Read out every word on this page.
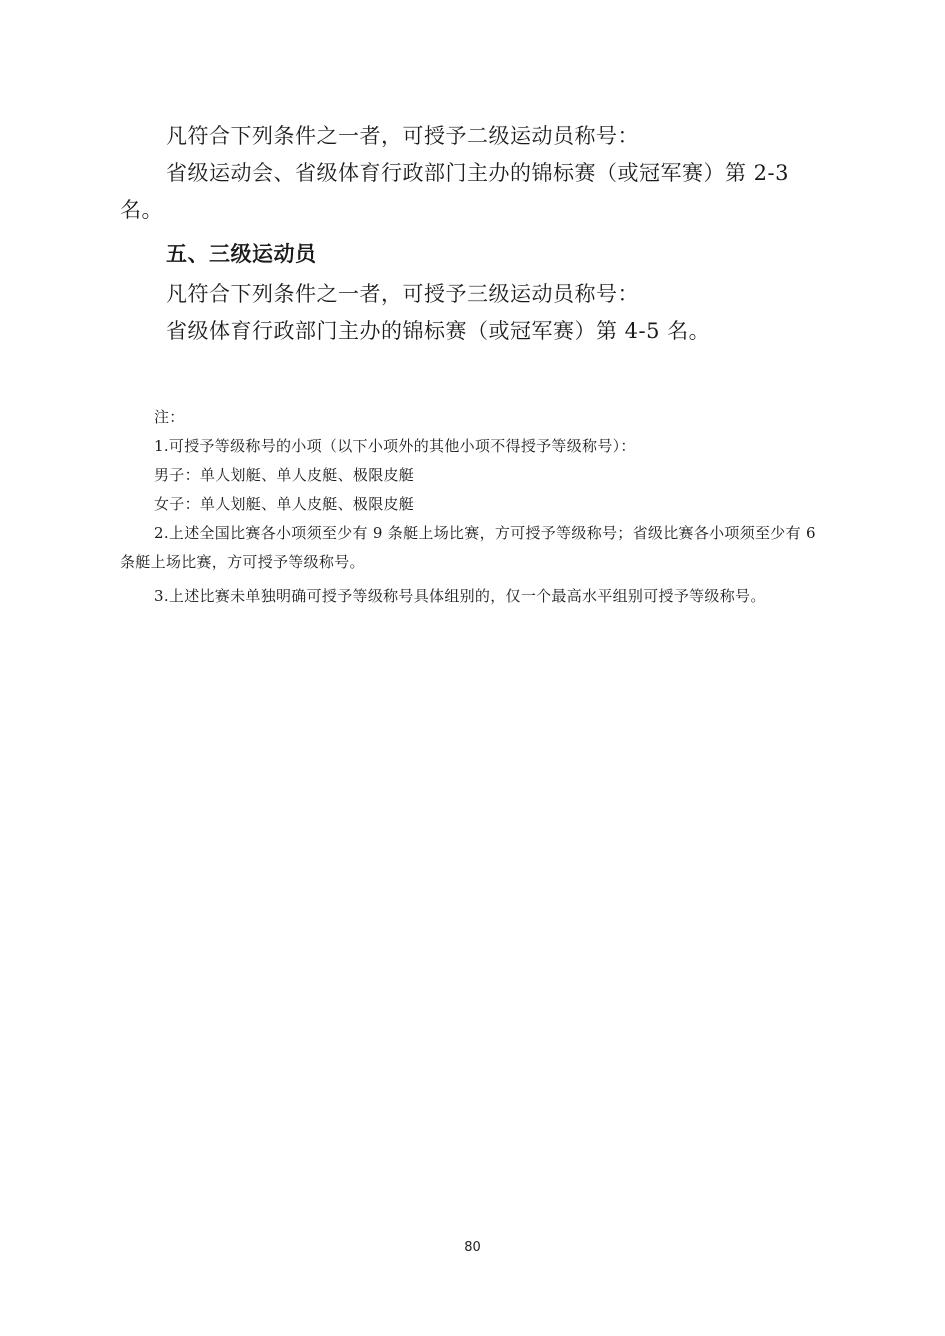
凡符合下列条件之一者，可授予二级运动员称号：

省级运动会、省级体育行政部门主办的锦标赛（或冠军赛）第 2-3 名。

五、三级运动员

凡符合下列条件之一者，可授予三级运动员称号：

省级体育行政部门主办的锦标赛（或冠军赛）第 4-5 名。

注：

1.可授予等级称号的小项（以下小项外的其他小项不得授予等级称号）：

男子：单人划艇、单人皮艇、极限皮艇

女子：单人划艇、单人皮艇、极限皮艇

2.上述全国比赛各小项须至少有 9 条艇上场比赛，方可授予等级称号；省级比赛各小项须至少有 6 条艇上场比赛，方可授予等级称号。

3.上述比赛未单独明确可授予等级称号具体组别的，仅一个最高水平组别可授予等级称号。

80
